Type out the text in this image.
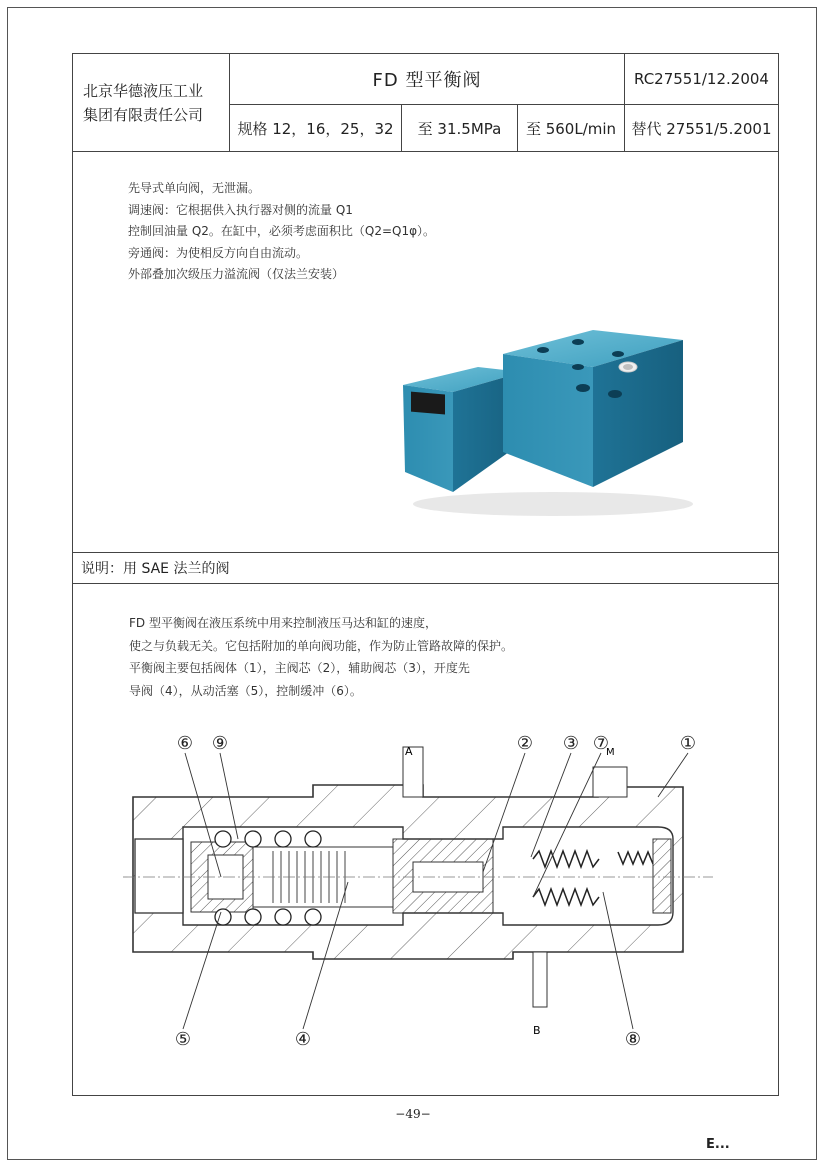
北京华德液压工业
集团有限责任公司
FD 型平衡阀	RC27551/12.2004
规格 12，16，25，32	至 31.5MPa	至 560L/min	替代 27551/5.2001
先导式单向阀，无泄漏。
调速阀：它根据供入执行器对侧的流量 Q1
控制回油量 Q2。在缸中，必须考虑面积比（Q2=Q1φ）。
旁通阀：为使相反方向自由流动。
外部叠加次级压力溢流阀（仅法兰安装）
说明：用 SAE 法兰的阀
FD 型平衡阀在液压系统中用来控制液压马达和缸的速度，
使之与负载无关。它包括附加的单向阀功能，作为防止管路故障的保护。
平衡阀主要包括阀体（1），主阀芯（2），辅助阀芯（3），开度先
导阀（4），从动活塞（5），控制缓冲（6）。
A
B
M
⑥ ⑨	② ③ ⑦	①
⑤	④	⑧
−49−
E...
